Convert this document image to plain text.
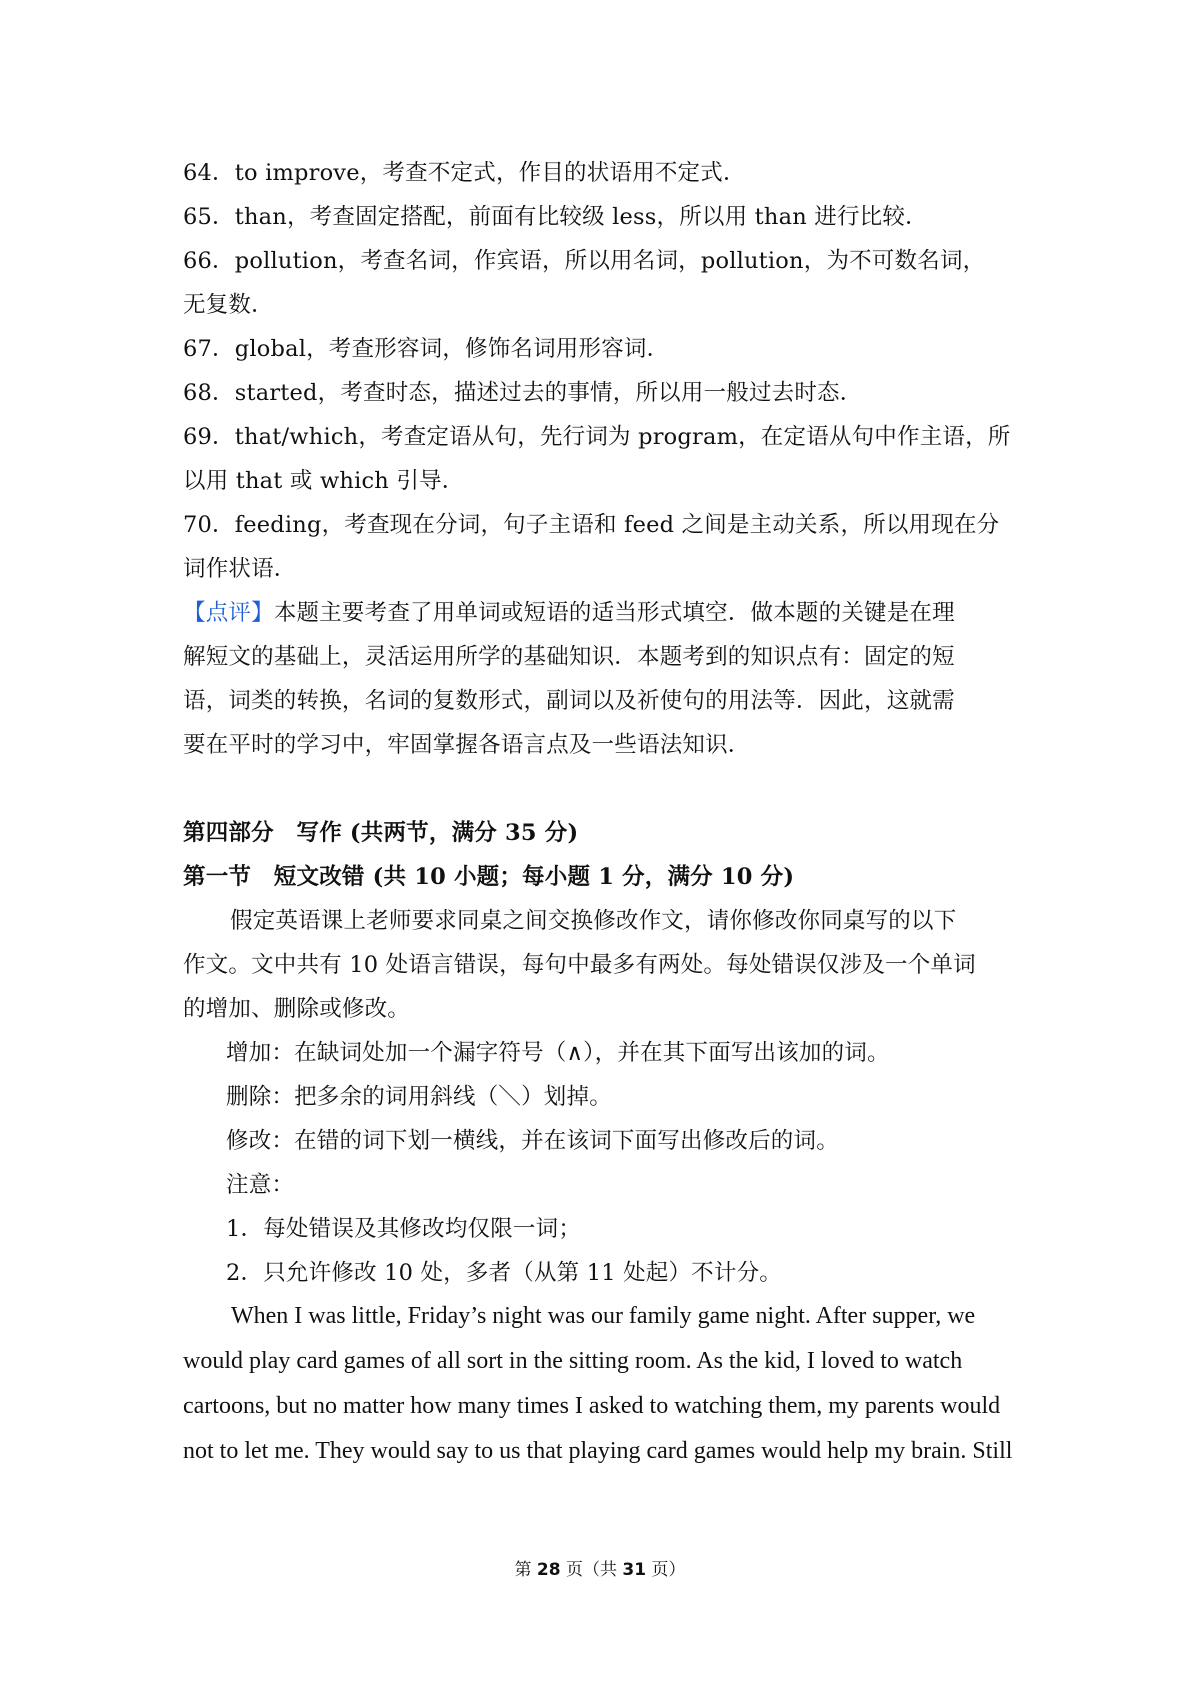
64．to improve，考查不定式，作目的状语用不定式．
65．than，考查固定搭配，前面有比较级 less，所以用 than 进行比较．
66．pollution，考查名词，作宾语，所以用名词，pollution，为不可数名词，
无复数．
67．global，考查形容词，修饰名词用形容词．
68．started，考查时态，描述过去的事情，所以用一般过去时态．
69．that/which，考查定语从句，先行词为 program，在定语从句中作主语，所
以用 that 或 which 引导．
70．feeding，考查现在分词，句子主语和 feed 之间是主动关系，所以用现在分
词作状语．
【点评】本题主要考查了用单词或短语的适当形式填空．做本题的关键是在理
解短文的基础上，灵活运用所学的基础知识．本题考到的知识点有：固定的短
语，词类的转换，名词的复数形式，副词以及祈使句的用法等．因此，这就需
要在平时的学习中，牢固掌握各语言点及一些语法知识．
第四部分　写作 (共两节，满分 35 分)
第一节　短文改错 (共 10 小题；每小题 1 分，满分 10 分)
假定英语课上老师要求同桌之间交换修改作文，请你修改你同桌写的以下
作文。文中共有 10 处语言错误，每句中最多有两处。每处错误仅涉及一个单词
的增加、删除或修改。
增加：在缺词处加一个漏字符号（∧），并在其下面写出该加的词。
删除：把多余的词用斜线（＼）划掉。
修改：在错的词下划一横线，并在该词下面写出修改后的词。
注意：
1．每处错误及其修改均仅限一词；
2．只允许修改 10 处，多者（从第 11 处起）不计分。
When I was little, Friday’s night was our family game night. After supper, we
would play card games of all sort in the sitting room. As the kid, I loved to watch
cartoons, but no matter how many times I asked to watching them, my parents would
not to let me. They would say to us that playing card games would help my brain. Still
第 28 页（共 31 页）
